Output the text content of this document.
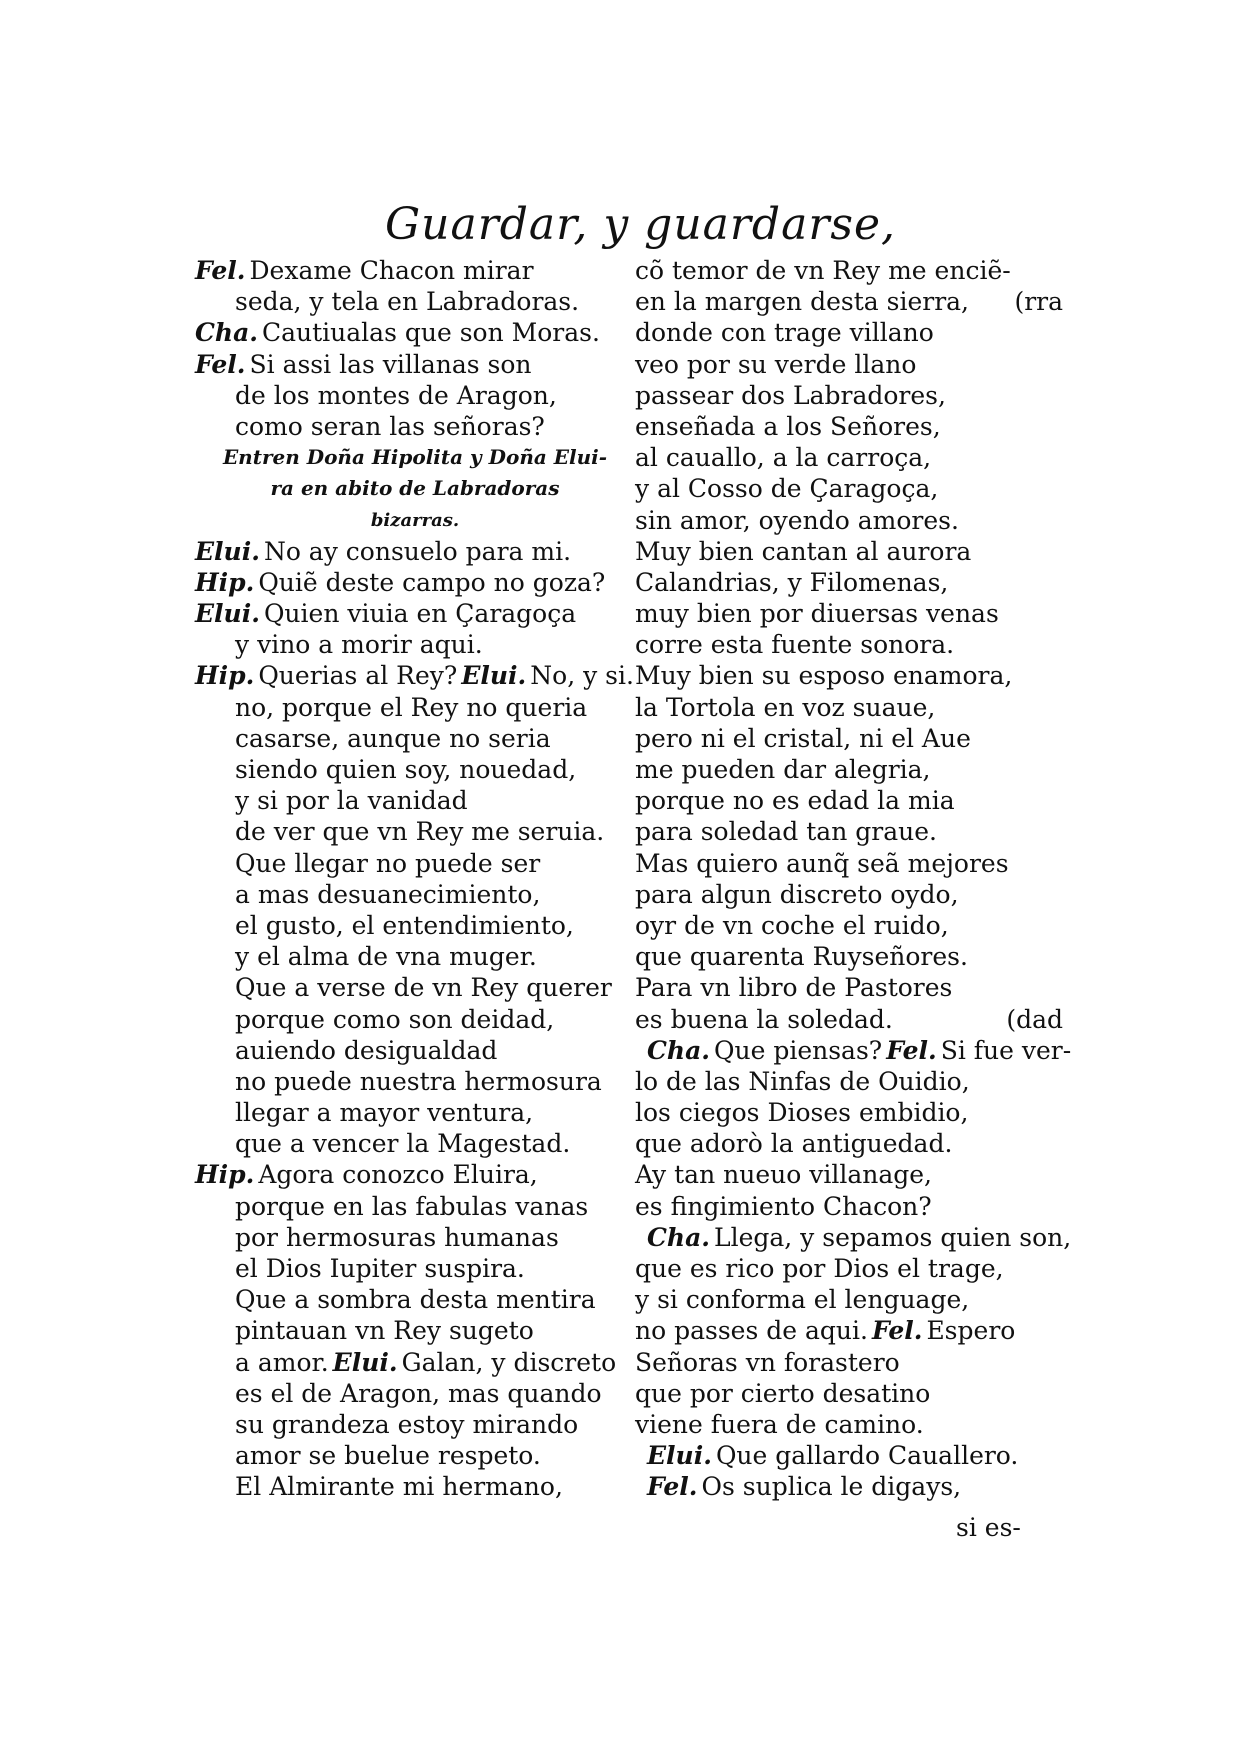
Guardar, y guardarse,
Fel. Dexame Chacon mirar
seda, y tela en Labradoras.
Cha. Cautiualas que son Moras.
Fel. Si assi las villanas son
de los montes de Aragon,
como seran las señoras?
Entren Doña Hipolita y Doña Elui-
ra en abito de Labradoras
bizarras.
Elui. No ay consuelo para mi.
Hip. Quiẽ deste campo no goza?
Elui. Quien viuia en Çaragoça
y vino a morir aqui.
Hip. Querias al Rey? Elui. No, y si.
no, porque el Rey no queria
casarse, aunque no seria
siendo quien soy, nouedad,
y si por la vanidad
de ver que vn Rey me seruia.
Que llegar no puede ser
a mas desuanecimiento,
el gusto, el entendimiento,
y el alma de vna muger.
Que a verse de vn Rey querer
porque como son deidad,
auiendo desigualdad
no puede nuestra hermosura
llegar a mayor ventura,
que a vencer la Magestad.
Hip. Agora conozco Eluira,
porque en las fabulas vanas
por hermosuras humanas
el Dios Iupiter suspira.
Que a sombra desta mentira
pintauan vn Rey sugeto
a amor. Elui. Galan, y discreto
es el de Aragon, mas quando
su grandeza estoy mirando
amor se buelue respeto.
El Almirante mi hermano,
cõ temor de vn Rey me enciẽ-
en la margen desta sierra, (rra
donde con trage villano
veo por su verde llano
passear dos Labradores,
enseñada a los Señores,
al cauallo, a la carroça,
y al Cosso de Çaragoça,
sin amor, oyendo amores.
Muy bien cantan al aurora
Calandrias, y Filomenas,
muy bien por diuersas venas
corre esta fuente sonora.
Muy bien su esposo enamora,
la Tortola en voz suaue,
pero ni el cristal, ni el Aue
me pueden dar alegria,
porque no es edad la mia
para soledad tan graue.
Mas quiero aunq̃ seã mejores
para algun discreto oydo,
oyr de vn coche el ruido,
que quarenta Ruyseñores.
Para vn libro de Pastores
es buena la soledad.	(dad
Cha. Que piensas? Fel. Si fue ver-
lo de las Ninfas de Ouidio,
los ciegos Dioses embidio,
que adorò la antiguedad.
Ay tan nueuo villanage,
es fingimiento Chacon?
Cha. Llega, y sepamos quien son,
que es rico por Dios el trage,
y si conforma el lenguage,
no passes de aqui. Fel. Espero
Señoras vn forastero
que por cierto desatino
viene fuera de camino.
Elui. Que gallardo Cauallero.
Fel. Os suplica le digays,
si es-
